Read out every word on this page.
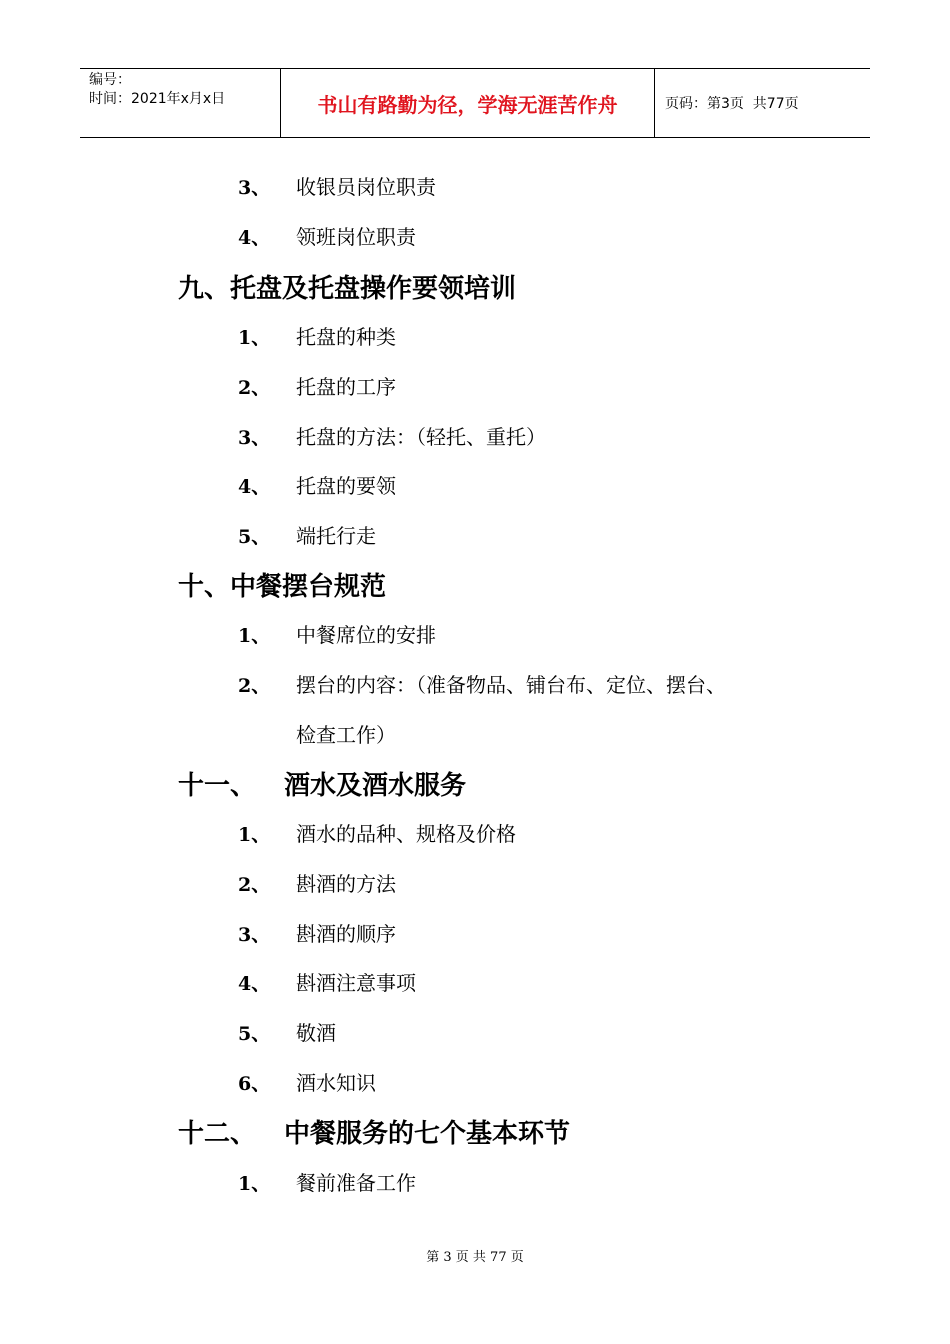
编号：
时间：2021年x月x日	书山有路勤为径，学海无涯苦作舟	页码：第3页  共77页
3、 收银员岗位职责
4、 领班岗位职责
九、托盘及托盘操作要领培训
1、 托盘的种类
2、 托盘的工序
3、 托盘的方法：（轻托、重托）
4、 托盘的要领
5、 端托行走
十、中餐摆台规范
1、 中餐席位的安排
2、 摆台的内容：（准备物品、铺台布、定位、摆台、
检查工作）
十一、 酒水及酒水服务
1、 酒水的品种、规格及价格
2、 斟酒的方法
3、 斟酒的顺序
4、 斟酒注意事项
5、 敬酒
6、 酒水知识
十二、 中餐服务的七个基本环节
1、 餐前准备工作
第 3 页 共 77 页
